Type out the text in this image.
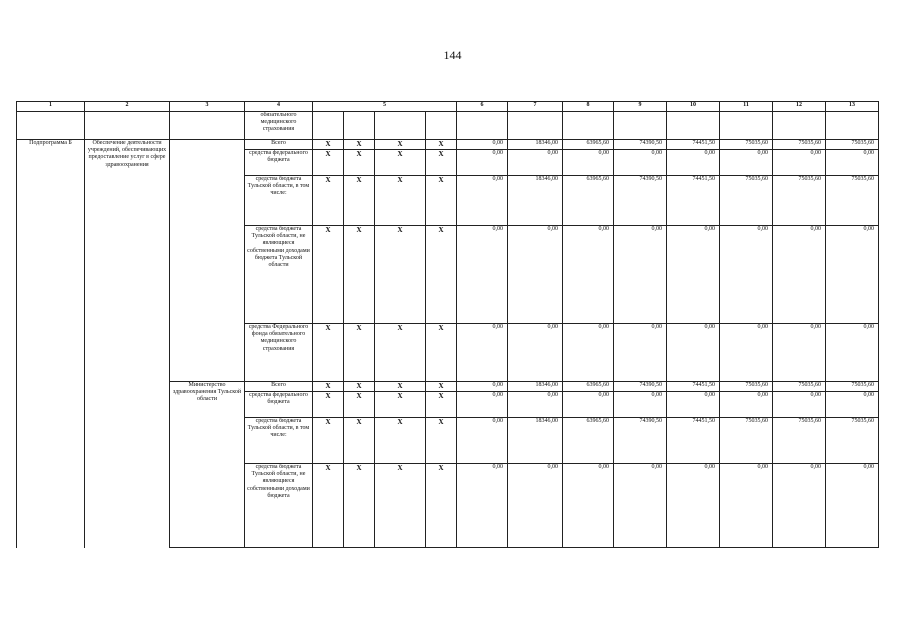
144
1	2	3	4	5				6	7	8	9	10	11	12	13
			обязательного медицинского страхования												
Подпрограмма Б	Обеспечение деятельности учреждений, обеспечивающих предоставление услуг в сфере здравоохранения		Всего	X	X	X	X	0,00	18346,00	63965,60	74390,50	74451,50	75035,60	75035,60	75035,60
			средства федерального бюджета	X	X	X	X	0,00	0,00	0,00	0,00	0,00	0,00	0,00	0,00
			средства бюджета Тульской области, в том числе:	X	X	X	X	0,00	18346,00	63965,60	74390,50	74451,50	75035,60	75035,60	75035,60
			средства бюджета Тульской области, не являющиеся собственными доходами бюджета Тульской области	X	X	X	X	0,00	0,00	0,00	0,00	0,00	0,00	0,00	0,00
			средства Федерального фонда обязательного медицинского страхования	X	X	X	X	0,00	0,00	0,00	0,00	0,00	0,00	0,00	0,00
		Министерство здравоохранения Тульской области	Всего	X	X	X	X	0,00	18346,00	63965,60	74390,50	74451,50	75035,60	75035,60	75035,60
			средства федерального бюджета	X	X	X	X	0,00	0,00	0,00	0,00	0,00	0,00	0,00	0,00
			средства бюджета Тульской области, в том числе:	X	X	X	X	0,00	18346,00	63965,60	74390,50	74451,50	75035,60	75035,60	75035,60
			средства бюджета Тульской области, не являющиеся собственными доходами бюджета	X	X	X	X	0,00	0,00	0,00	0,00	0,00	0,00	0,00	0,00
